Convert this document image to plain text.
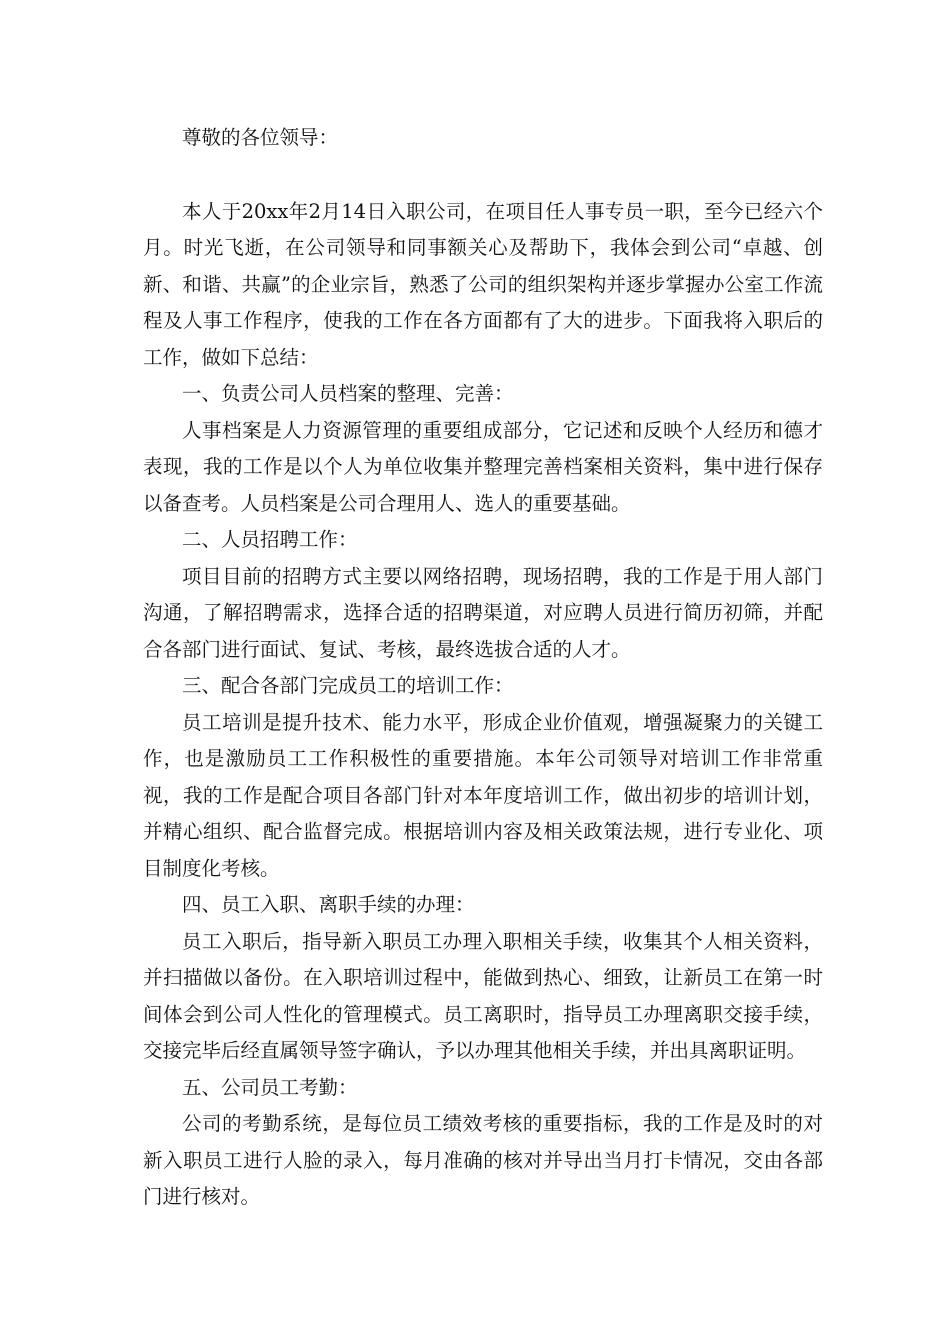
尊敬的各位领导：

本人于20xx年2月14日入职公司，在项目任人事专员一职，至今已经六个月。时光飞逝，在公司领导和同事额关心及帮助下，我体会到公司“卓越、创新、和谐、共赢”的企业宗旨，熟悉了公司的组织架构并逐步掌握办公室工作流程及人事工作程序，使我的工作在各方面都有了大的进步。下面我将入职后的工作，做如下总结：

一、负责公司人员档案的整理、完善：

人事档案是人力资源管理的重要组成部分，它记述和反映个人经历和德才表现，我的工作是以个人为单位收集并整理完善档案相关资料，集中进行保存以备查考。人员档案是公司合理用人、选人的重要基础。

二、人员招聘工作：

项目目前的招聘方式主要以网络招聘，现场招聘，我的工作是于用人部门沟通，了解招聘需求，选择合适的招聘渠道，对应聘人员进行简历初筛，并配合各部门进行面试、复试、考核，最终选拔合适的人才。

三、配合各部门完成员工的培训工作：

员工培训是提升技术、能力水平，形成企业价值观，增强凝聚力的关键工作，也是激励员工工作积极性的重要措施。本年公司领导对培训工作非常重视，我的工作是配合项目各部门针对本年度培训工作，做出初步的培训计划，并精心组织、配合监督完成。根据培训内容及相关政策法规，进行专业化、项目制度化考核。

四、员工入职、离职手续的办理：

员工入职后，指导新入职员工办理入职相关手续，收集其个人相关资料，并扫描做以备份。在入职培训过程中，能做到热心、细致，让新员工在第一时间体会到公司人性化的管理模式。员工离职时，指导员工办理离职交接手续，交接完毕后经直属领导签字确认，予以办理其他相关手续，并出具离职证明。

五、公司员工考勤：

公司的考勤系统，是每位员工绩效考核的重要指标，我的工作是及时的对新入职员工进行人脸的录入，每月准确的核对并导出当月打卡情况，交由各部门进行核对。
